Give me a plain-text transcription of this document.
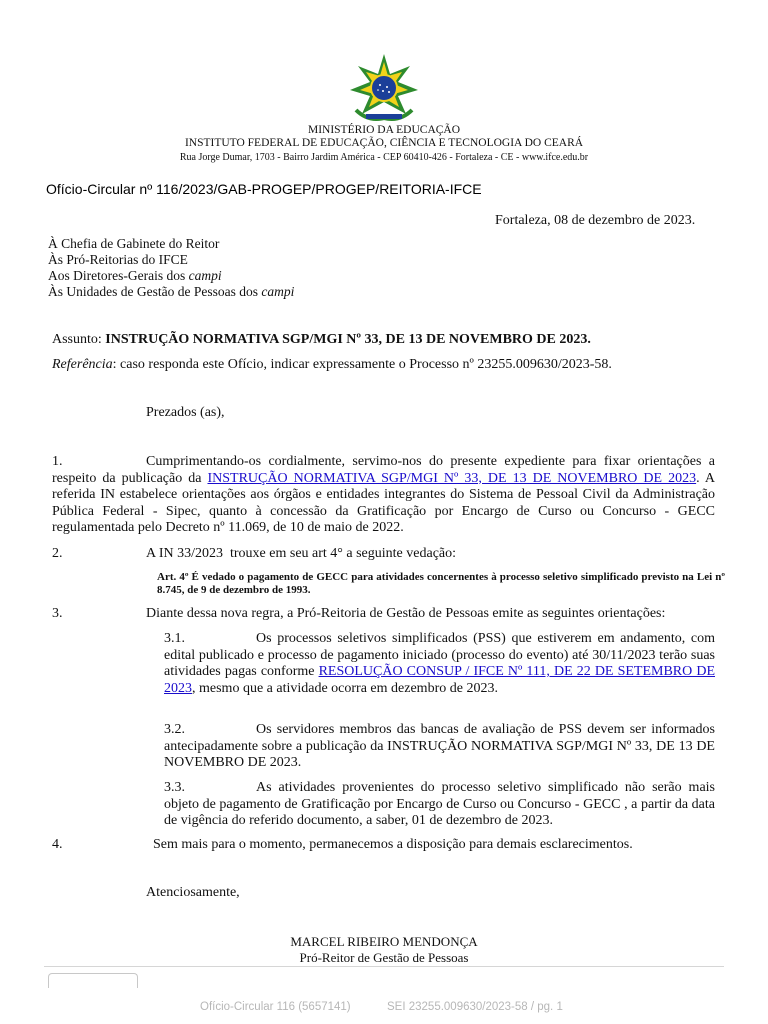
MINISTÉRIO DA EDUCAÇÃO
INSTITUTO FEDERAL DE EDUCAÇÃO, CIÊNCIA E TECNOLOGIA DO CEARÁ
Rua Jorge Dumar, 1703 - Bairro Jardim América - CEP 60410-426 - Fortaleza - CE - www.ifce.edu.br
Ofício-Circular nº 116/2023/GAB-PROGEP/PROGEP/REITORIA-IFCE
Fortaleza, 08 de dezembro de 2023.
À Chefia de Gabinete do Reitor
Às Pró-Reitorias do IFCE
Aos Diretores-Gerais dos campi
Às Unidades de Gestão de Pessoas dos campi
Assunto: INSTRUÇÃO NORMATIVA SGP/MGI Nº 33, DE 13 DE NOVEMBRO DE 2023.
Referência: caso responda este Ofício, indicar expressamente o Processo nº 23255.009630/2023-58.
Prezados (as),
1.	Cumprimentando-os cordialmente, servimo-nos do presente expediente para fixar orientações a respeito da publicação da INSTRUÇÃO NORMATIVA SGP/MGI Nº 33, DE 13 DE NOVEMBRO DE 2023. A referida IN estabelece orientações aos órgãos e entidades integrantes do Sistema de Pessoal Civil da Administração Pública Federal - Sipec, quanto à concessão da Gratificação por Encargo de Curso ou Concurso - GECC regulamentada pelo Decreto nº 11.069, de 10 de maio de 2022.
2.	A IN 33/2023  trouxe em seu art 4° a seguinte vedação:
Art. 4º É vedado o pagamento de GECC para atividades concernentes à processo seletivo simplificado previsto na Lei nº 8.745, de 9 de dezembro de 1993.
3.	Diante dessa nova regra, a Pró-Reitoria de Gestão de Pessoas emite as seguintes orientações:
3.1.	Os processos seletivos simplificados (PSS) que estiverem em andamento, com edital publicado e processo de pagamento iniciado (processo do evento) até 30/11/2023 terão suas atividades pagas conforme RESOLUÇÃO CONSUP / IFCE Nº 111, DE 22 DE SETEMBRO DE 2023, mesmo que a atividade ocorra em dezembro de 2023.
3.2.	Os servidores membros das bancas de avaliação de PSS devem ser informados antecipadamente sobre a publicação da INSTRUÇÃO NORMATIVA SGP/MGI Nº 33, DE 13 DE NOVEMBRO DE 2023.
3.3.	As atividades provenientes do processo seletivo simplificado não serão mais objeto de pagamento de Gratificação por Encargo de Curso ou Concurso - GECC , a partir da data de vigência do referido documento, a saber, 01 de dezembro de 2023.
4.	Sem mais para o momento, permanecemos a disposição para demais esclarecimentos.
Atenciosamente,
MARCEL RIBEIRO MENDONÇA
Pró-Reitor de Gestão de Pessoas
Ofício-Circular 116 (5657141)	SEI 23255.009630/2023-58 / pg. 1
